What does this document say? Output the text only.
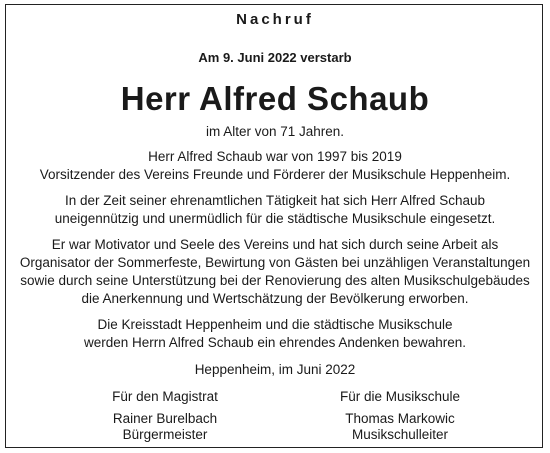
Nachruf
Am 9. Juni 2022 verstarb
Herr Alfred Schaub
im Alter von 71 Jahren.
Herr Alfred Schaub war von 1997 bis 2019
Vorsitzender des Vereins Freunde und Förderer der Musikschule Heppenheim.
In der Zeit seiner ehrenamtlichen Tätigkeit hat sich Herr Alfred Schaub
uneigennützig und unermüdlich für die städtische Musikschule eingesetzt.
Er war Motivator und Seele des Vereins und hat sich durch seine Arbeit als
Organisator der Sommerfeste, Bewirtung von Gästen bei unzähligen Veranstaltungen
sowie durch seine Unterstützung bei der Renovierung des alten Musikschulgebäudes
die Anerkennung und Wertschätzung der Bevölkerung erworben.
Die Kreisstadt Heppenheim und die städtische Musikschule
werden Herrn Alfred Schaub ein ehrendes Andenken bewahren.
Heppenheim, im Juni 2022
Für den Magistrat
Rainer Burelbach
Bürgermeister
Für die Musikschule
Thomas Markowic
Musikschulleiter
